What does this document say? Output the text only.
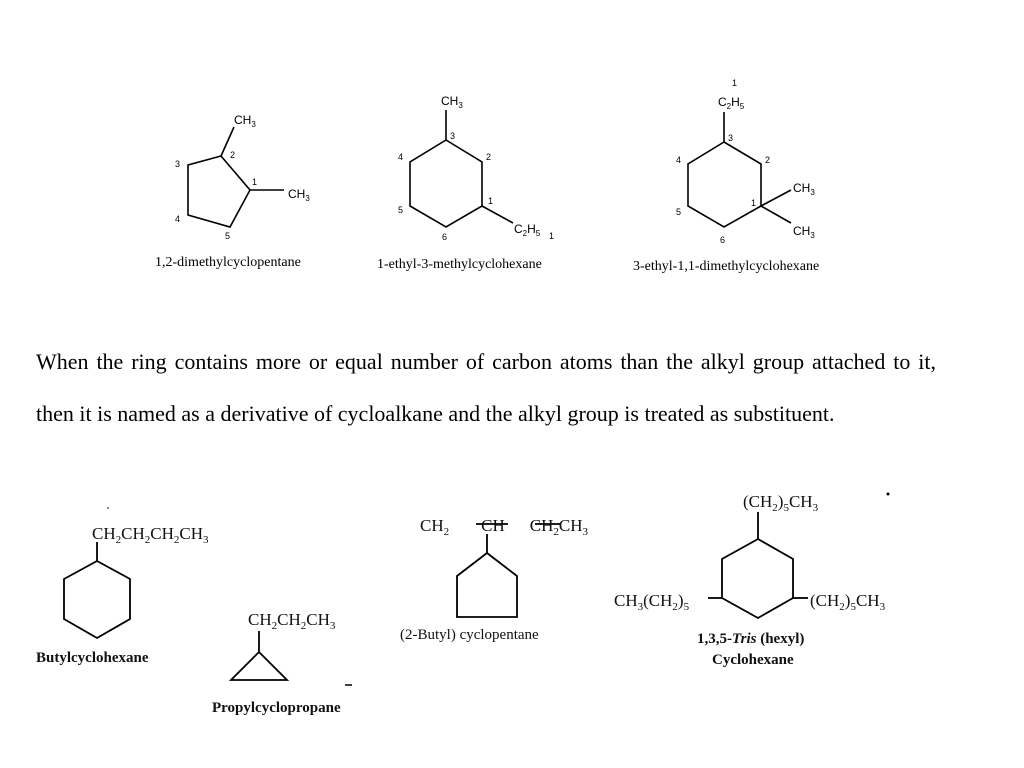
$CH_3$
$CH_3$
1
2
3
4
5
$CH_3$
$C_2H_5$
1
2
3
4
5
6	1
$C_2H_5$
$CH_3$
$CH_3$
1
1
2
3
4
5
6
1,2-dimethylcyclopentane	1-ethyl-3-methylcyclohexane	3-ethyl-1,1-dimethylcyclohexane
When the ring contains more or equal number of carbon atoms than the alkyl group attached to it, then it is named as a derivative of cycloalkane and the alkyl group is treated as substituent.
$CH_2CH_2CH_2CH_3$
Butylcyclohexane
$CH_2CH_2CH_3$
Propylcyclopropane
$CH_2$ CH $CH_2CH_3$
(2-Butyl) cyclopentane
$(CH_2)_5CH_3$
$CH_3(CH_2)_5$	$(CH_2)_5CH_3$
1,3,5-Tris (hexyl)
Cyclohexane
